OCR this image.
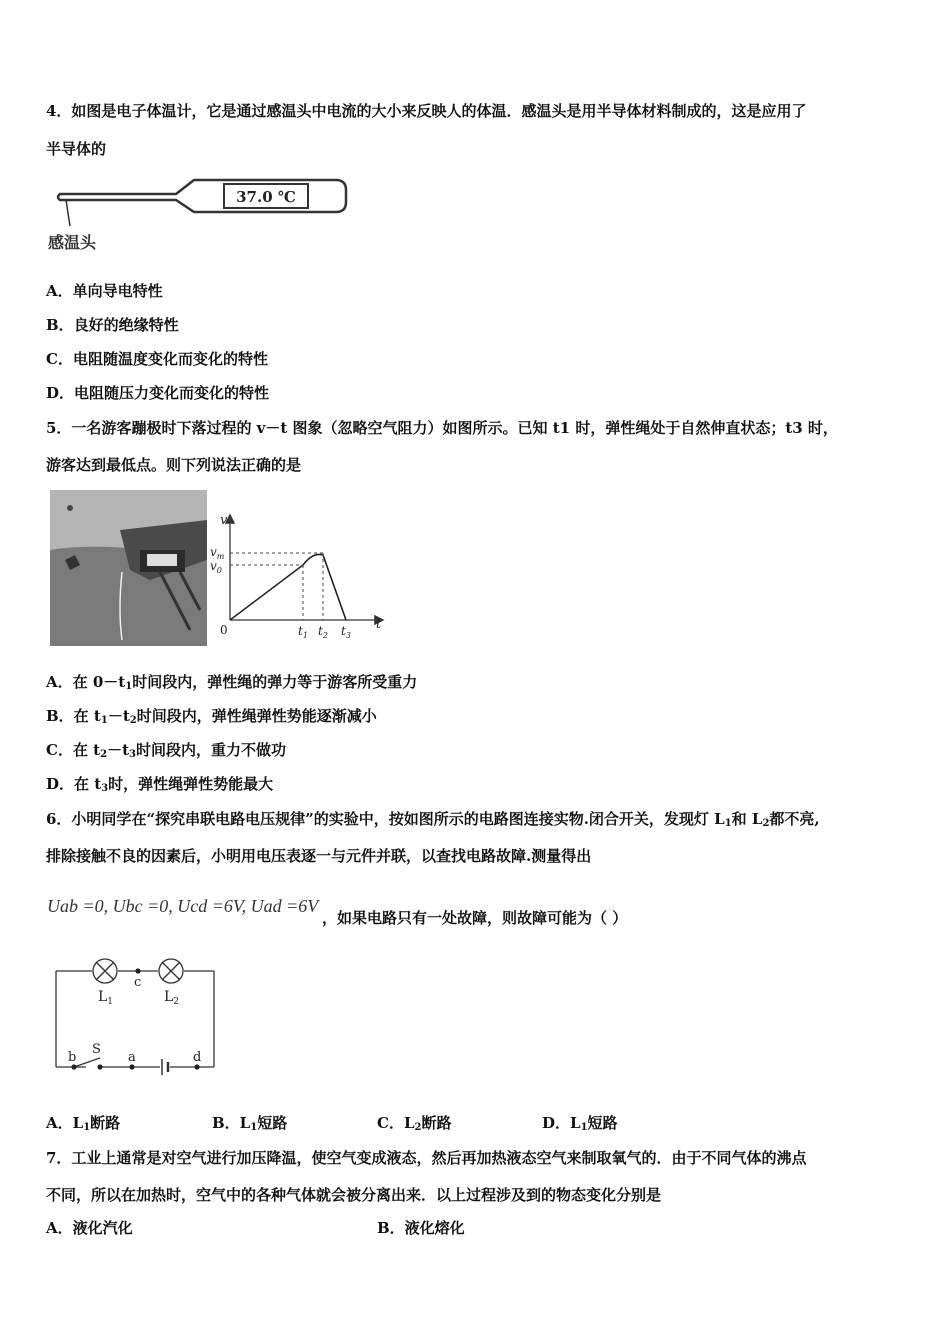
4．如图是电子体温计，它是通过感温头中电流的大小来反映人的体温．感温头是用半导体材料制成的，这是应用了
半导体的
37.0 ℃
感温头
A．单向导电特性
B．良好的绝缘特性
C．电阻随温度变化而变化的特性
D．电阻随压力变化而变化的特性
5．一名游客蹦极时下落过程的 v－t 图象（忽略空气阻力）如图所示。已知 t1 时，弹性绳处于自然伸直状态；t3 时，
游客达到最低点。则下列说法正确的是
v
t
0
$v_m$
$v_0$
$t_1$ $t_2$ $t_3$
A．在 $0-t_1$时间段内，弹性绳的弹力等于游客所受重力
B．在 $t_1-t_2$时间段内，弹性绳弹性势能逐渐减小
C．在 $t_2-t_3$时间段内，重力不做功
D．在 $t_3$时，弹性绳弹性势能最大
6．小明同学在“探究串联电路电压规律”的实验中，按如图所示的电路图连接实物.闭合开关，发现灯 $L_1$和 $L_2$都不亮,
排除接触不良的因素后，小明用电压表逐一与元件并联，以查找电路故障.测量得出
Uab =0, Ubc =0, Ucd =6V, Uad =6V
，如果电路只有一处故障，则故障可能为（ ）
$L_1$	$L_2$
c
b
S
a	d
A．$L_1$断路	B．$L_1$短路	C．$L_2$断路	D．$L_1$短路
7．工业上通常是对空气进行加压降温，使空气变成液态，然后再加热液态空气来制取氧气的．由于不同气体的沸点
不同，所以在加热时，空气中的各种气体就会被分离出来．以上过程涉及到的物态变化分别是
A．液化汽化	B．液化熔化
